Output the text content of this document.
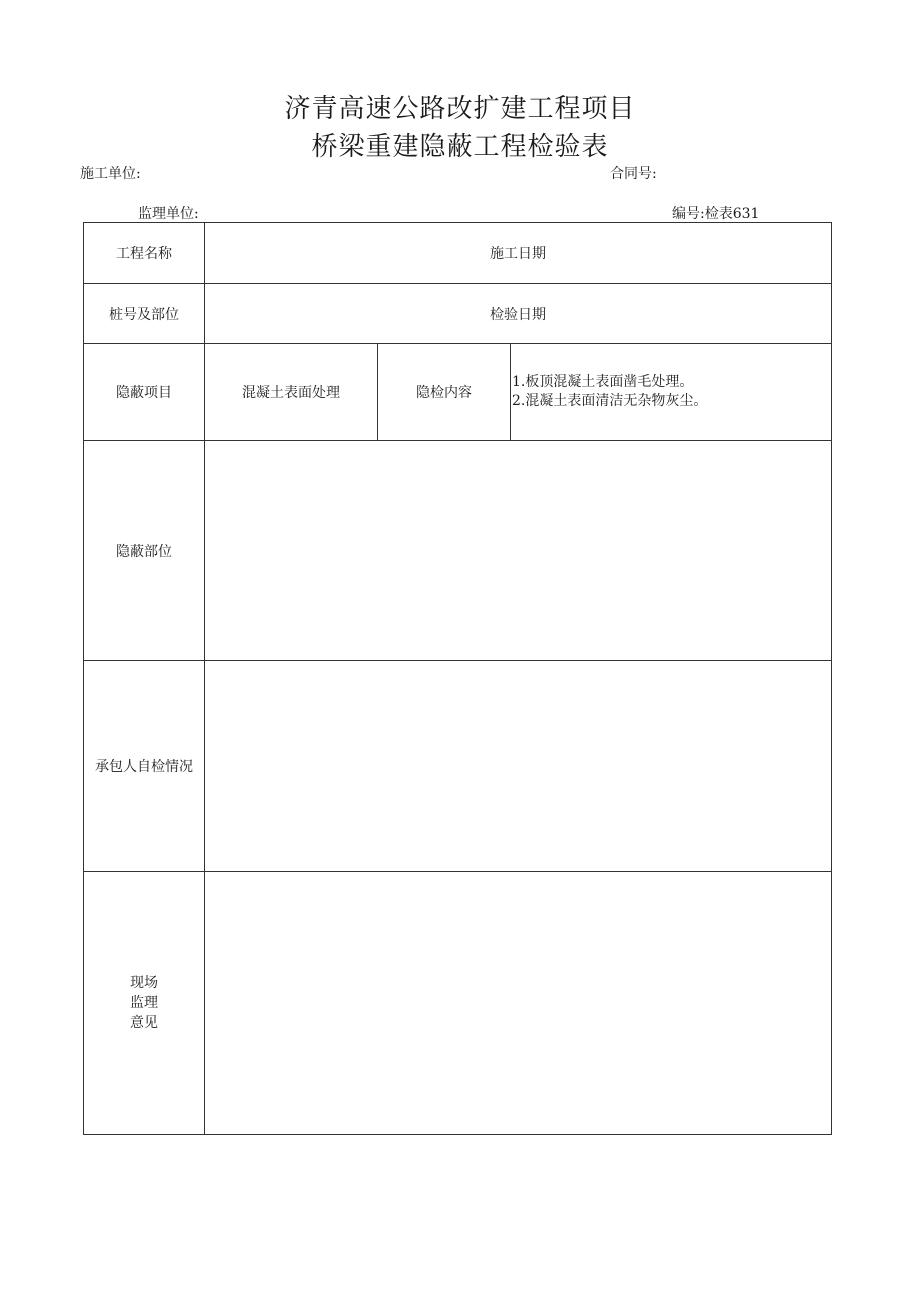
济青高速公路改扩建工程项目
桥梁重建隐蔽工程检验表
施工单位:	合同号:
监理单位:	编号:检表631
工程名称	施工日期		
桩号及部位	检验日期		
隐蔽项目	混凝土表面处理	隐检内容	1.板顶混凝土表面凿毛处理。
2.混凝土表面清洁无杂物灰尘。

隐蔽部位			
承包人自检情况			

现场
监理
意见			
